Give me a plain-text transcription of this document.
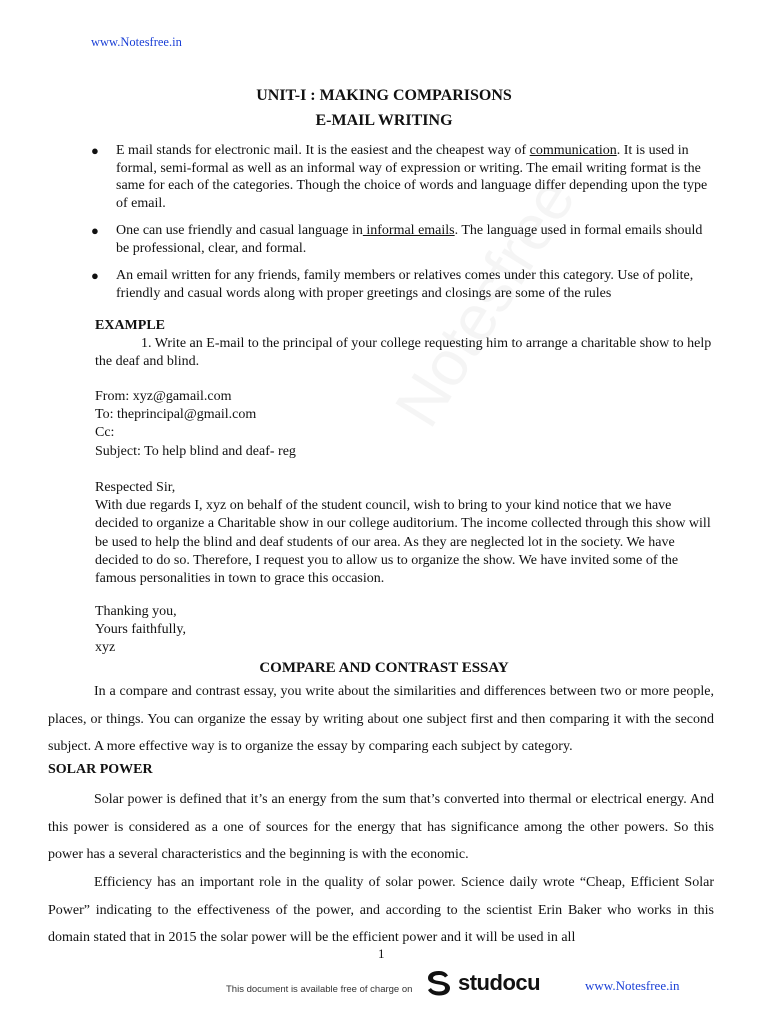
www.Notesfree.in
UNIT-I : MAKING COMPARISONS
E-MAIL WRITING
●	E mail stands for electronic mail. It is the easiest and the cheapest way of communication. It is used in formal, semi-formal as well as an informal way of expression or writing. The email writing format is the same for each of the categories. Though the choice of words and language differ depending upon the type of email.
●	One can use friendly and casual language in informal emails. The language used in formal emails should be professional, clear, and formal.
●	An email written for any friends, family members or relatives comes under this category. Use of polite, friendly and casual words along with proper greetings and closings are some of the rules
EXAMPLE
1. Write an E-mail to the principal of your college requesting him to arrange a charitable show to help the deaf and blind.
From: xyz@gamail.com
To: theprincipal@gmail.com
Cc:
Subject: To help blind and deaf- reg
Respected Sir,
With due regards I, xyz on behalf of the student council, wish to bring to your kind notice that we have decided to organize a Charitable show in our college auditorium. The income collected through this show will be used to help the blind and deaf students of our area. As they are neglected lot in the society. We have decided to do so. Therefore, I request you to allow us to organize the show. We have invited some of the famous personalities in town to grace this occasion.
Thanking you,
Yours faithfully,
xyz
COMPARE AND CONTRAST ESSAY
In a compare and contrast essay, you write about the similarities and differences between two or more people, places, or things. You can organize the essay by writing about one subject first and then comparing it with the second subject. A more effective way is to organize the essay by comparing each subject by category.
SOLAR POWER
Solar power is defined that it’s an energy from the sum that’s converted into thermal or electrical energy. And this power is considered as a one of sources for the energy that has significance among the other powers. So this power has a several characteristics and the beginning is with the economic.
Efficiency has an important role in the quality of solar power. Science daily wrote “Cheap, Efficient Solar Power” indicating to the effectiveness of the power, and according to the scientist Erin Baker who works in this domain stated that in 2015 the solar power will be the efficient power and it will be used in all
1
This document is available free of charge on studocu	www.Notesfree.in
